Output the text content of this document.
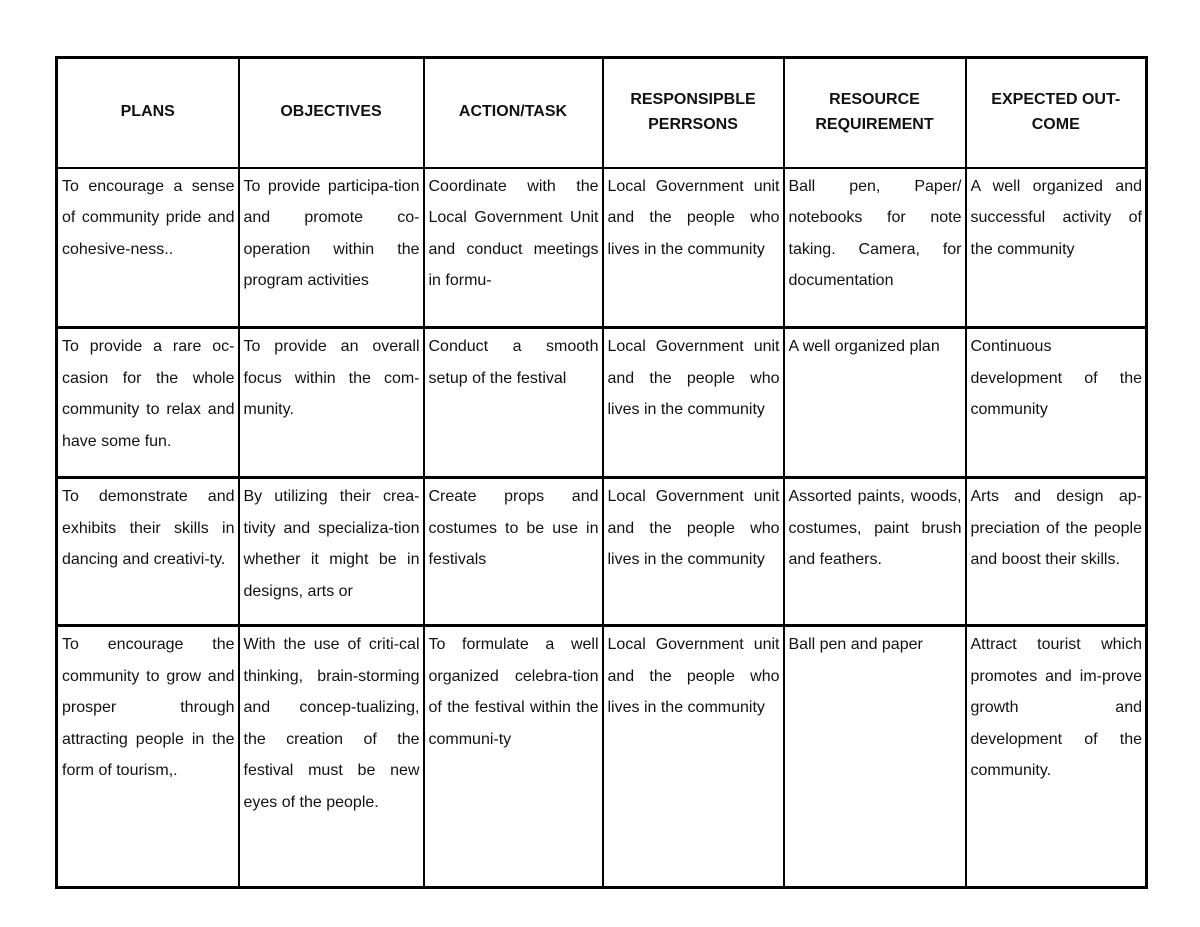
PLANS	OBJECTIVES	ACTION/TASK	RESPONSIPBLE PERRSONS	RESOURCE REQUIREMENT	EXPECTED OUT-COME
To encourage a sense of community pride and cohesive-ness..	To provide participa-tion and promote co-operation within the program activities	Coordinate with the Local Government Unit and conduct meetings in formu-	Local Government unit and the people who lives in the community	Ball pen, Paper/ notebooks for note taking. Camera, for documentation	A well organized and successful activity of the community
To provide a rare oc-casion for the whole community to relax and have some fun.	To provide an overall focus within the com-munity.	Conduct a smooth setup of the festival	Local Government unit and the people who lives in the community	A well organized plan	Continuous development of the community
To demonstrate and exhibits their skills in dancing and creativi-ty.	By utilizing their crea-tivity and specializa-tion whether it might be in designs, arts or	Create props and costumes to be use in festivals	Local Government unit and the people who lives in the community	Assorted paints, woods, costumes, paint brush and feathers.	Arts and design ap-preciation of the people and boost their skills.
To encourage the community to grow and prosper through attracting people in the form of tourism,.	With the use of criti-cal thinking, brain-storming and concep-tualizing, the creation of the festival must be new eyes of the people.	To formulate a well organized celebra-tion of the festival within the communi-ty	Local Government unit and the people who lives in the community	Ball pen and paper	Attract tourist which promotes and im-prove growth and development of the community.
